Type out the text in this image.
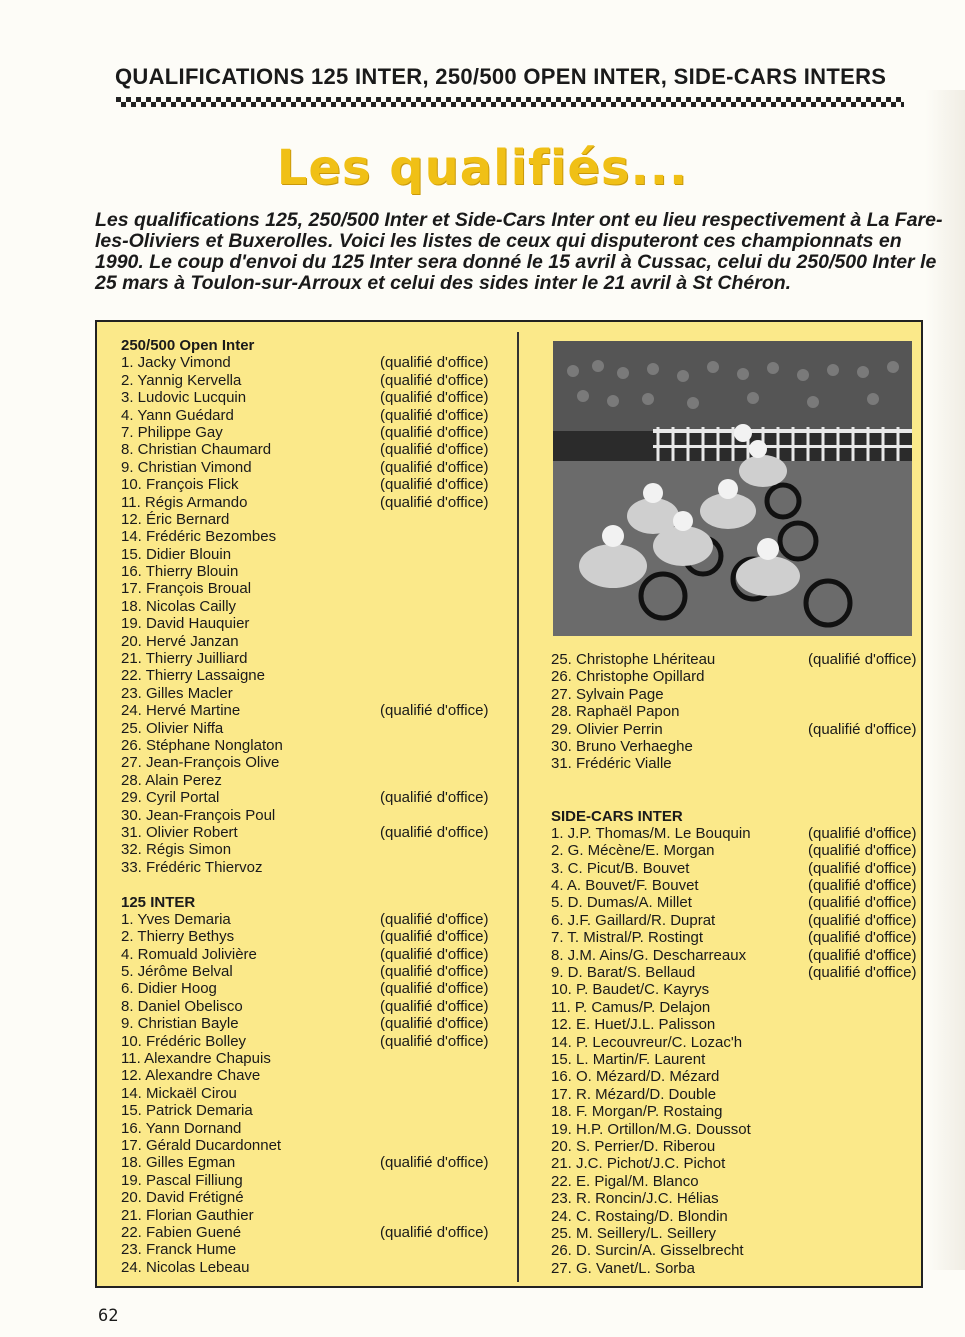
QUALIFICATIONS 125 INTER, 250/500 OPEN INTER, SIDE-CARS INTERS
Les qualifiés...
Les qualifications 125, 250/500 Inter et Side-Cars Inter ont eu lieu respectivement à La Fare-les-Oliviers et Buxerolles. Voici les listes de ceux qui disputeront ces championnats en 1990. Le coup d'envoi du 125 Inter sera donné le 15 avril à Cussac, celui du 250/500 Inter le 25 mars à Toulon-sur-Arroux et celui des sides inter le 21 avril à St Chéron.
250/500 Open Inter
1. Jacky Vimond	(qualifié d'office)
2. Yannig Kervella	(qualifié d'office)
3. Ludovic Lucquin	(qualifié d'office)
4. Yann Guédard	(qualifié d'office)
7. Philippe Gay	(qualifié d'office)
8. Christian Chaumard	(qualifié d'office)
9. Christian Vimond	(qualifié d'office)
10. François Flick	(qualifié d'office)
11. Régis Armando	(qualifié d'office)
12. Éric Bernard
14. Frédéric Bezombes
15. Didier Blouin
16. Thierry Blouin
17. François Broual
18. Nicolas Cailly
19. David Hauquier
20. Hervé Janzan
21. Thierry Juilliard
22. Thierry Lassaigne
23. Gilles Macler
24. Hervé Martine	(qualifié d'office)
25. Olivier Niffa
26. Stéphane Nonglaton
27. Jean-François Olive
28. Alain Perez
29. Cyril Portal	(qualifié d'office)
30. Jean-François Poul
31. Olivier Robert	(qualifié d'office)
32. Régis Simon
33. Frédéric Thiervoz
125 INTER
1. Yves Demaria	(qualifié d'office)
2. Thierry Bethys	(qualifié d'office)
4. Romuald Jolivière	(qualifié d'office)
5. Jérôme Belval	(qualifié d'office)
6. Didier Hoog	(qualifié d'office)
8. Daniel Obelisco	(qualifié d'office)
9. Christian Bayle	(qualifié d'office)
10. Frédéric Bolley	(qualifié d'office)
11. Alexandre Chapuis
12. Alexandre Chave
14. Mickaël Cirou
15. Patrick Demaria
16. Yann Dornand
17. Gérald Ducardonnet
18. Gilles Egman	(qualifié d'office)
19. Pascal Filliung
20. David Frétigné
21. Florian Gauthier
22. Fabien Guené	(qualifié d'office)
23. Franck Hume
24. Nicolas Lebeau
25. Christophe Lhériteau	(qualifié d'office)
26. Christophe Opillard
27. Sylvain Page
28. Raphaël Papon
29. Olivier Perrin	(qualifié d'office)
30. Bruno Verhaeghe
31. Frédéric Vialle
SIDE-CARS INTER
1. J.P. Thomas/M. Le Bouquin	(qualifié d'office)
2. G. Mécène/E. Morgan	(qualifié d'office)
3. C. Picut/B. Bouvet	(qualifié d'office)
4. A. Bouvet/F. Bouvet	(qualifié d'office)
5. D. Dumas/A. Millet	(qualifié d'office)
6. J.F. Gaillard/R. Duprat	(qualifié d'office)
7. T. Mistral/P. Rostingt	(qualifié d'office)
8. J.M. Ains/G. Descharreaux	(qualifié d'office)
9. D. Barat/S. Bellaud	(qualifié d'office)
10. P. Baudet/C. Kayrys
11. P. Camus/P. Delajon
12. E. Huet/J.L. Palisson
14. P. Lecouvreur/C. Lozac'h
15. L. Martin/F. Laurent
16. O. Mézard/D. Mézard
17. R. Mézard/D. Double
18. F. Morgan/P. Rostaing
19. H.P. Ortillon/M.G. Doussot
20. S. Perrier/D. Riberou
21. J.C. Pichot/J.C. Pichot
22. E. Pigal/M. Blanco
23. R. Roncin/J.C. Hélias
24. C. Rostaing/D. Blondin
25. M. Seillery/L. Seillery
26. D. Surcin/A. Gisselbrecht
27. G. Vanet/L. Sorba
62
